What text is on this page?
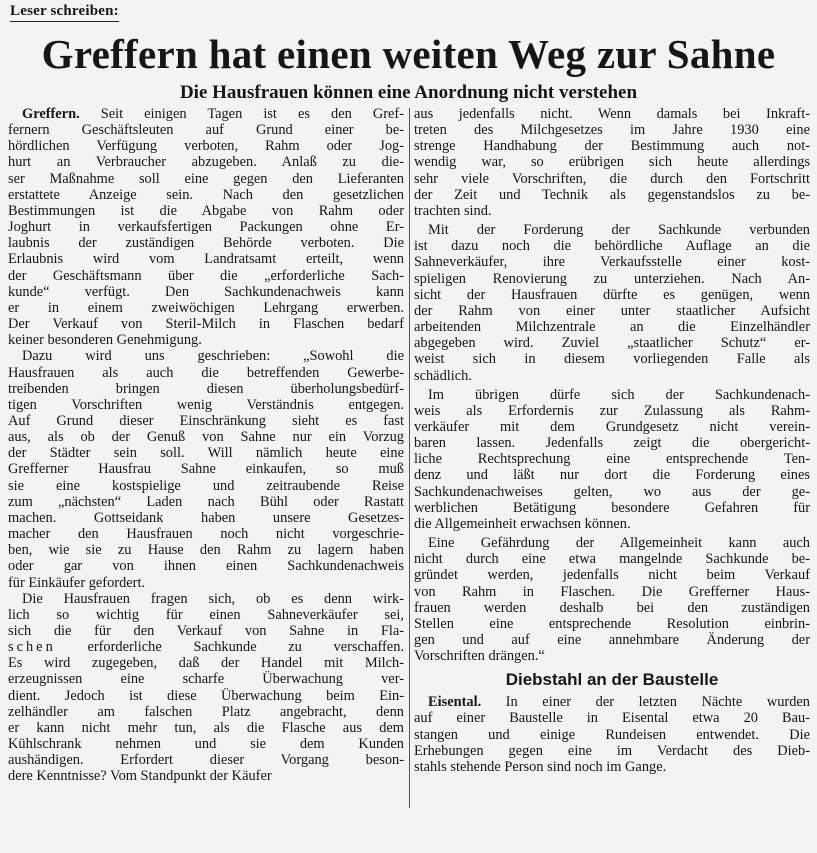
Leser schreiben:
Greffern hat einen weiten Weg zur Sahne
Die Hausfrauen können eine Anordnung nicht verstehen
Greffern. Seit einigen Tagen ist es den Gref-
fernern Geschäftsleuten auf Grund einer be-
hördlichen Verfügung verboten, Rahm oder Jog-
hurt an Verbraucher abzugeben. Anlaß zu die-
ser Maßnahme soll eine gegen den Lieferanten
erstattete Anzeige sein. Nach den gesetzlichen
Bestimmungen ist die Abgabe von Rahm oder
Joghurt in verkaufsfertigen Packungen ohne Er-
laubnis der zuständigen Behörde verboten. Die
Erlaubnis wird vom Landratsamt erteilt, wenn
der Geschäftsmann über die „erforderliche Sach-
kunde“ verfügt. Den Sachkundenachweis kann
er in einem zweiwöchigen Lehrgang erwerben.
Der Verkauf von Steril-Milch in Flaschen bedarf
keiner besonderen Genehmigung.
Dazu wird uns geschrieben: „Sowohl die
Hausfrauen als auch die betreffenden Gewerbe-
treibenden bringen diesen überholungsbedürf-
tigen Vorschriften wenig Verständnis entgegen.
Auf Grund dieser Einschränkung sieht es fast
aus, als ob der Genuß von Sahne nur ein Vorzug
der Städter sein soll. Will nämlich heute eine
Grefferner Hausfrau Sahne einkaufen, so muß
sie eine kostspielige und zeitraubende Reise
zum „nächsten“ Laden nach Bühl oder Rastatt
machen. Gottseidank haben unsere Gesetzes-
macher den Hausfrauen noch nicht vorgeschrie-
ben, wie sie zu Hause den Rahm zu lagern haben
oder gar von ihnen einen Sachkundenachweis
für Einkäufer gefordert.
Die Hausfrauen fragen sich, ob es denn wirk-
lich so wichtig für einen Sahneverkäufer sei,
sich die für den Verkauf von Sahne in Fla-
schen erforderliche Sachkunde zu verschaffen.
Es wird zugegeben, daß der Handel mit Milch-
erzeugnissen eine scharfe Überwachung ver-
dient. Jedoch ist diese Überwachung beim Ein-
zelhändler am falschen Platz angebracht, denn
er kann nicht mehr tun, als die Flasche aus dem
Kühlschrank nehmen und sie dem Kunden
aushändigen. Erfordert dieser Vorgang beson-
dere Kenntnisse? Vom Standpunkt der Käufer
aus jedenfalls nicht. Wenn damals bei Inkraft-
treten des Milchgesetzes im Jahre 1930 eine
strenge Handhabung der Bestimmung auch not-
wendig war, so erübrigen sich heute allerdings
sehr viele Vorschriften, die durch den Fortschritt
der Zeit und Technik als gegenstandslos zu be-
trachten sind.
Mit der Forderung der Sachkunde verbunden
ist dazu noch die behördliche Auflage an die
Sahneverkäufer, ihre Verkaufsstelle einer kost-
spieligen Renovierung zu unterziehen. Nach An-
sicht der Hausfrauen dürfte es genügen, wenn
der Rahm von einer unter staatlicher Aufsicht
arbeitenden Milchzentrale an die Einzelhändler
abgegeben wird. Zuviel „staatlicher Schutz“ er-
weist sich in diesem vorliegenden Falle als
schädlich.
Im übrigen dürfe sich der Sachkundenach-
weis als Erfordernis zur Zulassung als Rahm-
verkäufer mit dem Grundgesetz nicht verein-
baren lassen. Jedenfalls zeigt die obergericht-
liche Rechtsprechung eine entsprechende Ten-
denz und läßt nur dort die Forderung eines
Sachkundenachweises gelten, wo aus der ge-
werblichen Betätigung besondere Gefahren für
die Allgemeinheit erwachsen können.
Eine Gefährdung der Allgemeinheit kann auch
nicht durch eine etwa mangelnde Sachkunde be-
gründet werden, jedenfalls nicht beim Verkauf
von Rahm in Flaschen. Die Grefferner Haus-
frauen werden deshalb bei den zuständigen
Stellen eine entsprechende Resolution einbrin-
gen und auf eine annehmbare Änderung der
Vorschriften drängen.“
Diebstahl an der Baustelle
Eisental. In einer der letzten Nächte wurden
auf einer Baustelle in Eisental etwa 20 Bau-
stangen und einige Rundeisen entwendet. Die
Erhebungen gegen eine im Verdacht des Dieb-
stahls stehende Person sind noch im Gange.
